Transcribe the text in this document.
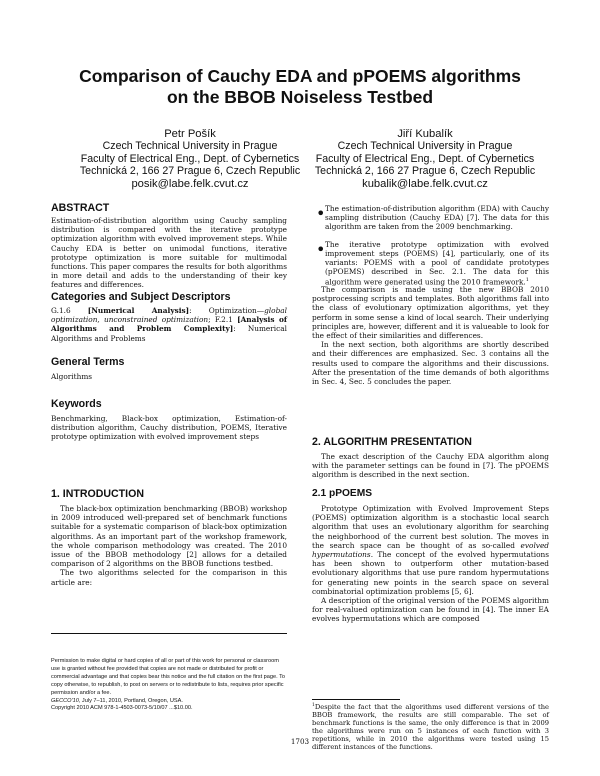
Comparison of Cauchy EDA and pPOEMS algorithms
on the BBOB Noiseless Testbed
Petr Pošík
Czech Technical University in Prague
Faculty of Electrical Eng., Dept. of Cybernetics
Technická 2, 166 27 Prague 6, Czech Republic
posik@labe.felk.cvut.cz
Jiří Kubalík
Czech Technical University in Prague
Faculty of Electrical Eng., Dept. of Cybernetics
Technická 2, 166 27 Prague 6, Czech Republic
kubalik@labe.felk.cvut.cz
ABSTRACT

Estimation-of-distribution algorithm using Cauchy sampling distribution is compared with the iterative prototype optimization algorithm with evolved improvement steps. While Cauchy EDA is better on unimodal functions, iterative prototype optimization is more suitable for multimodal functions. This paper compares the results for both algorithms in more detail and adds to the understanding of their key features and differences.

Categories and Subject Descriptors

G.1.6 [Numerical Analysis]: Optimization—global optimization, unconstrained optimization; F.2.1 [Analysis of Algorithms and Problem Complexity]: Numerical Algorithms and Problems

General Terms

Algorithms

Keywords

Benchmarking, Black-box optimization, Estimation-of-distribution algorithm, Cauchy distribution, POEMS, Iterative prototype optimization with evolved improvement steps

1. INTRODUCTION

The black-box optimization benchmarking (BBOB) workshop in 2009 introduced well-prepared set of benchmark functions suitable for a systematic comparison of black-box optimization algorithms. As an important part of the workshop framework, the whole comparison methodology was created. The 2010 issue of the BBOB methodology [2] allows for a detailed comparison of 2 algorithms on the BBOB functions testbed.

The two algorithms selected for the comparison in this article are:

Permission to make digital or hard copies of all or part of this work for personal or classroom use is granted without fee provided that copies are not made or distributed for profit or commercial advantage and that copies bear this notice and the full citation on the first page. To copy otherwise, to republish, to post on servers or to redistribute to lists, requires prior specific permission and/or a fee.

GECCO'10, July 7–11, 2010, Portland, Oregon, USA.

Copyright 2010 ACM 978-1-4503-0073-5/10/07 ...$10.00.

• The estimation-of-distribution algorithm (EDA) with Cauchy sampling distribution (Cauchy EDA) [7]. The data for this algorithm are taken from the 2009 benchmarking.

• The iterative prototype optimization with evolved improvement steps (POEMS) [4], particularly, one of its variants: POEMS with a pool of candidate prototypes (pPOEMS) described in Sec. 2.1. The data for this algorithm were generated using the 2010 framework.$^1$

The comparison is made using the new BBOB 2010 postprocessing scripts and templates. Both algorithms fall into the class of evolutionary optimization algorithms, yet they perform in some sense a kind of local search. Their underlying principles are, however, different and it is valueable to look for the effect of their similarities and differences.

In the next section, both algorithms are shortly described and their differences are emphasized. Sec. 3 contains all the results used to compare the algorithms and their discussions. After the presentation of the time demands of both algorithms in Sec. 4, Sec. 5 concludes the paper.

2. ALGORITHM PRESENTATION

The exact description of the Cauchy EDA algorithm along with the parameter settings can be found in [7]. The pPOEMS algorithm is described in the next section.

2.1 pPOEMS

Prototype Optimization with Evolved Improvement Steps (POEMS) optimization algorithm is a stochastic local search algorithm that uses an evolutionary algorithm for searching the neighborhood of the current best solution. The moves in the search space can be thought of as so-called evolved hypermutations. The concept of the evolved hypermutations has been shown to outperform other mutation-based evolutionary algorithms that use pure random hypermutations for generating new points in the search space on several combinatorial optimization problems [5, 6].

A description of the original version of the POEMS algorithm for real-valued optimization can be found in [4]. The inner EA evolves hypermutations which are composed

$^1$Despite the fact that the algorithms used different versions of the BBOB framework, the results are still comparable. The set of benchmark functions is the same, the only difference is that in 2009 the algorithms were run on 5 instances of each function with 3 repetitions, while in 2010 the algorithms were tested using 15 different instances of the functions.

1703
